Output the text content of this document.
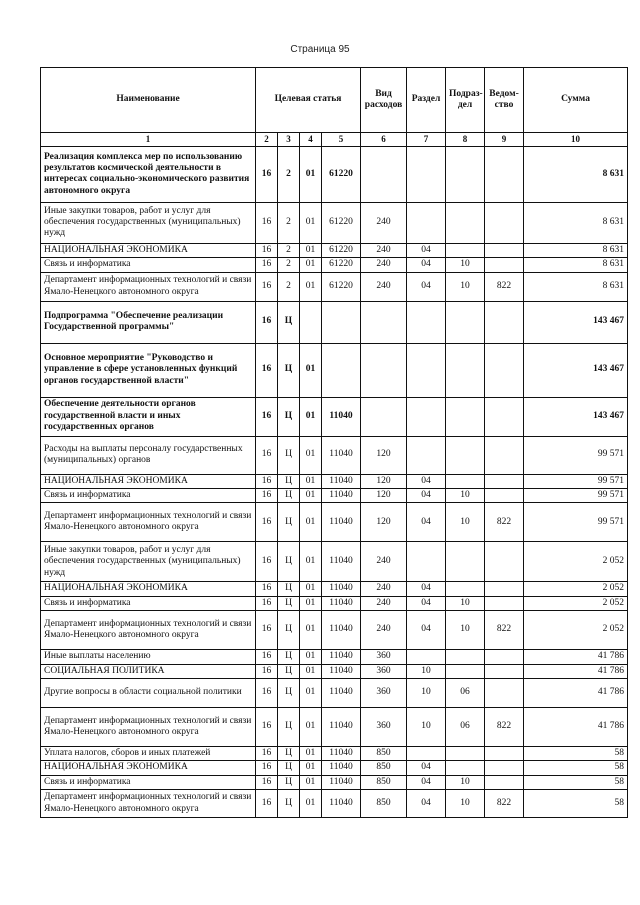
Страница 95
Наименование	Целевая статья				Вид расходов	Раздел	Подраз-дел	Ведом-ство	Сумма
1	2	3	4	5	6	7	8	9	10
Реализация комплекса мер по использованию результатов космической деятельности в интересах социально-экономического развития автономного округа	16	2	01	61220					8 631
Иные закупки товаров, работ и услуг для обеспечения государственных (муниципальных) нужд	16	2	01	61220	240				8 631
НАЦИОНАЛЬНАЯ ЭКОНОМИКА	16	2	01	61220	240	04			8 631
Связь и информатика	16	2	01	61220	240	04	10		8 631
Департамент информационных технологий и связи Ямало-Ненецкого автономного округа	16	2	01	61220	240	04	10	822	8 631
Подпрограмма "Обеспечение реализации Государственной программы"	16	Ц							143 467
Основное мероприятие "Руководство и управление в сфере установленных функций органов государственной власти"	16	Ц	01						143 467
Обеспечение деятельности органов государственной власти и иных государственных органов	16	Ц	01	11040					143 467
Расходы на выплаты персоналу государственных (муниципальных) органов	16	Ц	01	11040	120				99 571
НАЦИОНАЛЬНАЯ ЭКОНОМИКА	16	Ц	01	11040	120	04			99 571
Связь и информатика	16	Ц	01	11040	120	04	10		99 571
Департамент информационных технологий и связи Ямало-Ненецкого автономного округа	16	Ц	01	11040	120	04	10	822	99 571
Иные закупки товаров, работ и услуг для обеспечения государственных (муниципальных) нужд	16	Ц	01	11040	240				2 052
НАЦИОНАЛЬНАЯ ЭКОНОМИКА	16	Ц	01	11040	240	04			2 052
Связь и информатика	16	Ц	01	11040	240	04	10		2 052
Департамент информационных технологий и связи Ямало-Ненецкого автономного округа	16	Ц	01	11040	240	04	10	822	2 052
Иные выплаты населению	16	Ц	01	11040	360				41 786
СОЦИАЛЬНАЯ ПОЛИТИКА	16	Ц	01	11040	360	10			41 786
Другие вопросы в области социальной политики	16	Ц	01	11040	360	10	06		41 786
Департамент информационных технологий и связи Ямало-Ненецкого автономного округа	16	Ц	01	11040	360	10	06	822	41 786
Уплата налогов, сборов и иных платежей	16	Ц	01	11040	850				58
НАЦИОНАЛЬНАЯ ЭКОНОМИКА	16	Ц	01	11040	850	04			58
Связь и информатика	16	Ц	01	11040	850	04	10		58
Департамент информационных технологий и связи Ямало-Ненецкого автономного округа	16	Ц	01	11040	850	04	10	822	58
